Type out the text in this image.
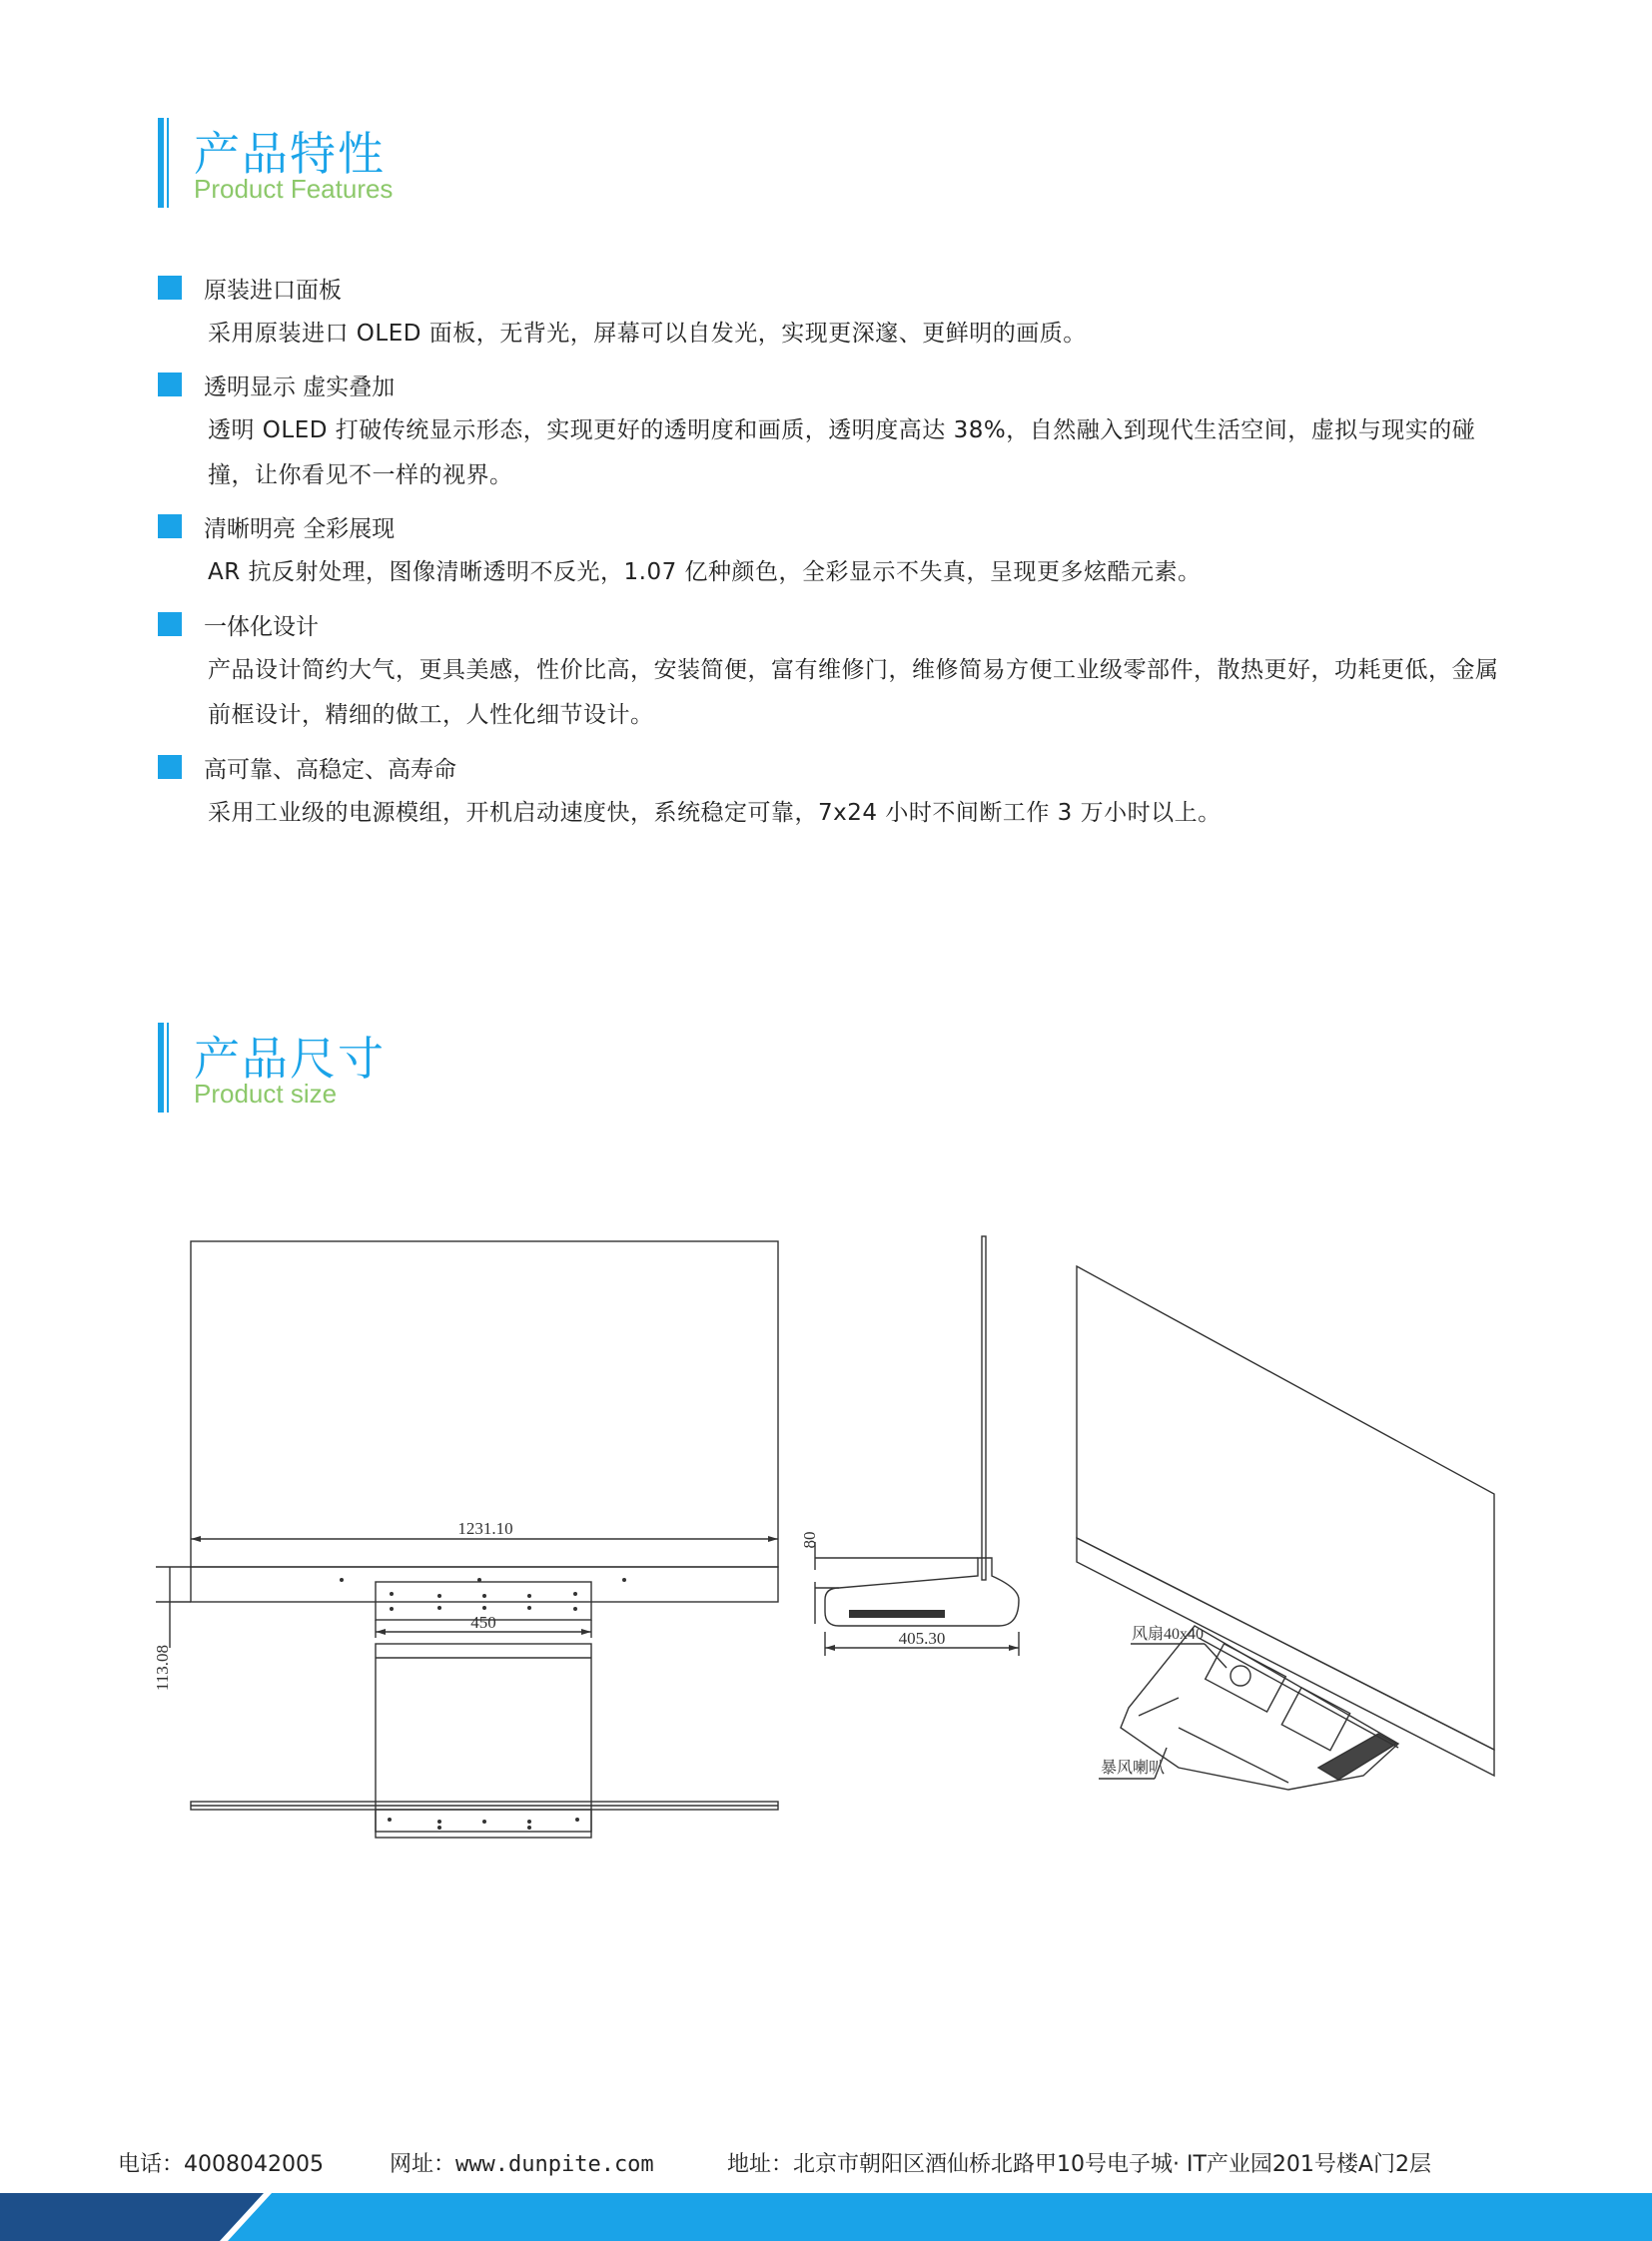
产品特性
Product Features
原装进口面板
采用原装进口 OLED 面板，无背光，屏幕可以自发光，实现更深邃、更鲜明的画质。
透明显示 虚实叠加
透明 OLED 打破传统显示形态，实现更好的透明度和画质，透明度高达 38%，自然融入到现代生活空间，虚拟与现实的碰撞，让你看见不一样的视界。
清晰明亮 全彩展现
AR 抗反射处理，图像清晰透明不反光，1.07 亿种颜色，全彩显示不失真，呈现更多炫酷元素。
一体化设计
产品设计简约大气，更具美感，性价比高，安装简便，富有维修门，维修简易方便工业级零部件，散热更好，功耗更低，金属前框设计，精细的做工，人性化细节设计。
高可靠、高稳定、高寿命
采用工业级的电源模组，开机启动速度快，系统稳定可靠，7x24 小时不间断工作 3 万小时以上。
产品尺寸
Product size
1231.10
450
113.08
80
405.30	风扇40x40
暴风喇叭
电话：4008042005	网址：www.dunpite.com	地址：北京市朝阳区酒仙桥北路甲10号电子城· IT产业园201号楼A门2层
